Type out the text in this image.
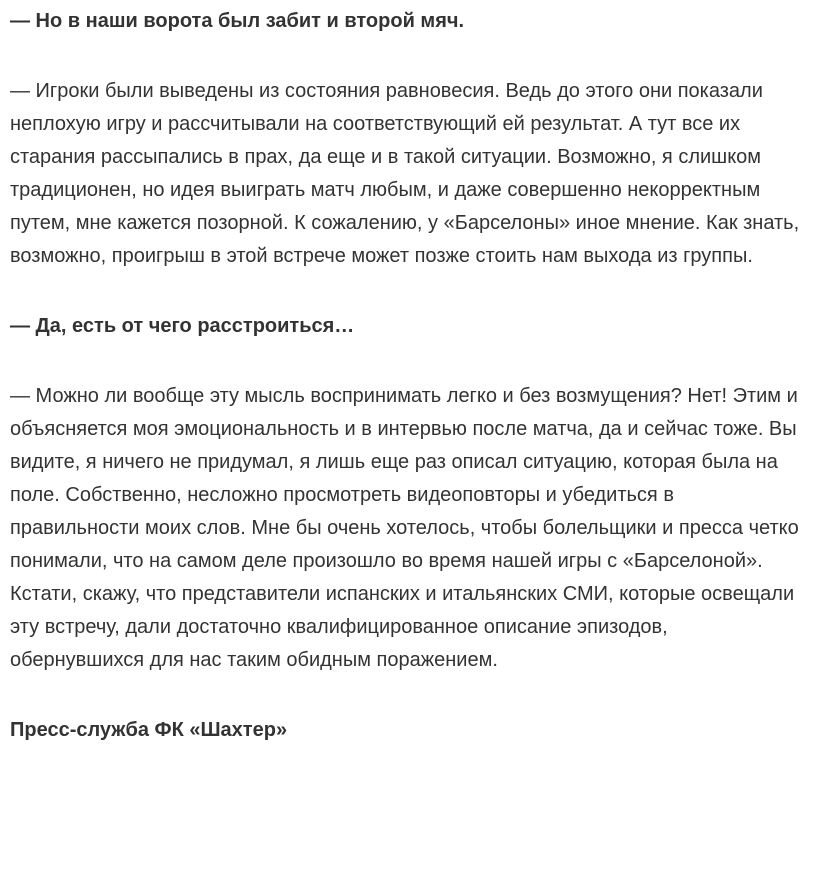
— Но в наши ворота был забит и второй мяч.
— Игроки были выведены из состояния равновесия. Ведь до этого они показали неплохую игру и рассчитывали на соответствующий ей результат. А тут все их старания рассыпались в прах, да еще и в такой ситуации. Возможно, я слишком традиционен, но идея выиграть матч любым, и даже совершенно некорректным путем, мне кажется позорной. К сожалению, у «Барселоны» иное мнение. Как знать, возможно, проигрыш в этой встрече может позже стоить нам выхода из группы.
— Да, есть от чего расстроиться…
— Можно ли вообще эту мысль воспринимать легко и без возмущения? Нет! Этим и объясняется моя эмоциональность и в интервью после матча, да и сейчас тоже. Вы видите, я ничего не придумал, я лишь еще раз описал ситуацию, которая была на поле. Собственно, несложно просмотреть видеоповторы и убедиться в правильности моих слов. Мне бы очень хотелось, чтобы болельщики и пресса четко понимали, что на самом деле произошло во время нашей игры с «Барселоной». Кстати, скажу, что представители испанских и итальянских СМИ, которые освещали эту встречу, дали достаточно квалифицированное описание эпизодов, обернувшихся для нас таким обидным поражением.
Пресс-служба ФК «Шахтер»
